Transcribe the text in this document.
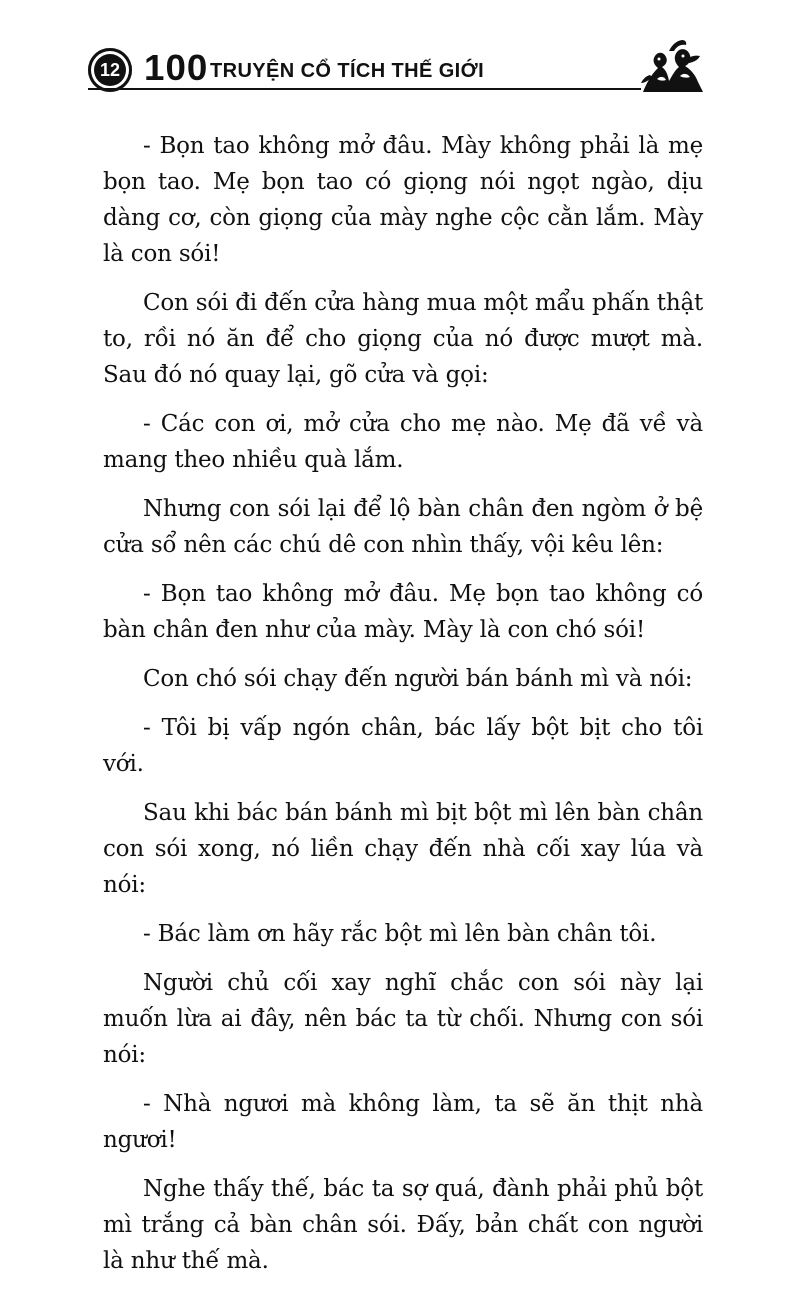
12 100 TRUYỆN CỔ TÍCH THẾ GIỚI

- Bọn tao không mở đâu. Mày không phải là mẹ bọn tao. Mẹ bọn tao có giọng nói ngọt ngào, dịu dàng cơ, còn giọng của mày nghe cộc cằn lắm. Mày là con sói!

Con sói đi đến cửa hàng mua một mẩu phấn thật to, rồi nó ăn để cho giọng của nó được mượt mà. Sau đó nó quay lại, gõ cửa và gọi:

- Các con ơi, mở cửa cho mẹ nào. Mẹ đã về và mang theo nhiều quà lắm.

Nhưng con sói lại để lộ bàn chân đen ngòm ở bệ cửa sổ nên các chú dê con nhìn thấy, vội kêu lên:

- Bọn tao không mở đâu. Mẹ bọn tao không có bàn chân đen như của mày. Mày là con chó sói!

Con chó sói chạy đến người bán bánh mì và nói:

- Tôi bị vấp ngón chân, bác lấy bột bịt cho tôi với.

Sau khi bác bán bánh mì bịt bột mì lên bàn chân con sói xong, nó liền chạy đến nhà cối xay lúa và nói:

- Bác làm ơn hãy rắc bột mì lên bàn chân tôi.

Người chủ cối xay nghĩ chắc con sói này lại muốn lừa ai đây, nên bác ta từ chối. Nhưng con sói nói:

- Nhà ngươi mà không làm, ta sẽ ăn thịt nhà ngươi!

Nghe thấy thế, bác ta sợ quá, đành phải phủ bột mì trắng cả bàn chân sói. Đấy, bản chất con người là như thế mà.
